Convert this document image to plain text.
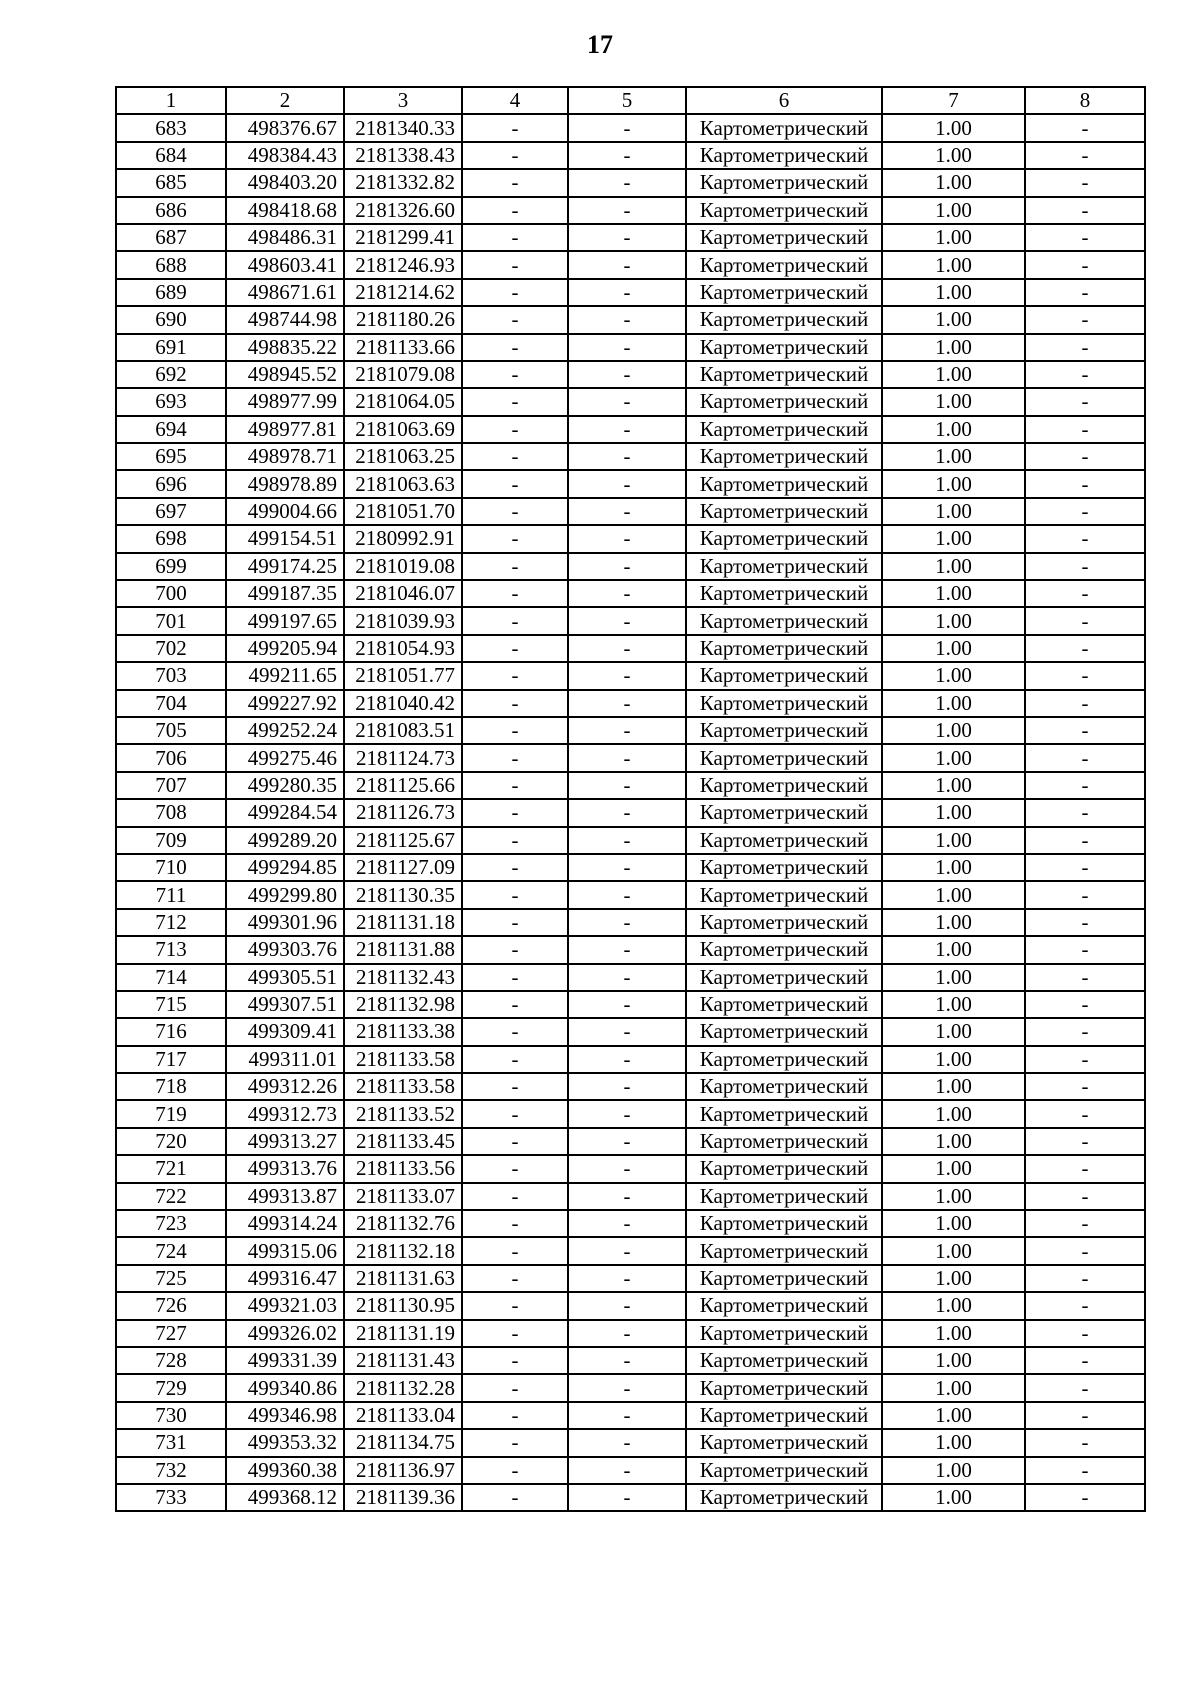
17
1	2	3	4	5	6	7	8
683	498376.67	2181340.33	-	-	Картометрический	1.00	-
684	498384.43	2181338.43	-	-	Картометрический	1.00	-
685	498403.20	2181332.82	-	-	Картометрический	1.00	-
686	498418.68	2181326.60	-	-	Картометрический	1.00	-
687	498486.31	2181299.41	-	-	Картометрический	1.00	-
688	498603.41	2181246.93	-	-	Картометрический	1.00	-
689	498671.61	2181214.62	-	-	Картометрический	1.00	-
690	498744.98	2181180.26	-	-	Картометрический	1.00	-
691	498835.22	2181133.66	-	-	Картометрический	1.00	-
692	498945.52	2181079.08	-	-	Картометрический	1.00	-
693	498977.99	2181064.05	-	-	Картометрический	1.00	-
694	498977.81	2181063.69	-	-	Картометрический	1.00	-
695	498978.71	2181063.25	-	-	Картометрический	1.00	-
696	498978.89	2181063.63	-	-	Картометрический	1.00	-
697	499004.66	2181051.70	-	-	Картометрический	1.00	-
698	499154.51	2180992.91	-	-	Картометрический	1.00	-
699	499174.25	2181019.08	-	-	Картометрический	1.00	-
700	499187.35	2181046.07	-	-	Картометрический	1.00	-
701	499197.65	2181039.93	-	-	Картометрический	1.00	-
702	499205.94	2181054.93	-	-	Картометрический	1.00	-
703	499211.65	2181051.77	-	-	Картометрический	1.00	-
704	499227.92	2181040.42	-	-	Картометрический	1.00	-
705	499252.24	2181083.51	-	-	Картометрический	1.00	-
706	499275.46	2181124.73	-	-	Картометрический	1.00	-
707	499280.35	2181125.66	-	-	Картометрический	1.00	-
708	499284.54	2181126.73	-	-	Картометрический	1.00	-
709	499289.20	2181125.67	-	-	Картометрический	1.00	-
710	499294.85	2181127.09	-	-	Картометрический	1.00	-
711	499299.80	2181130.35	-	-	Картометрический	1.00	-
712	499301.96	2181131.18	-	-	Картометрический	1.00	-
713	499303.76	2181131.88	-	-	Картометрический	1.00	-
714	499305.51	2181132.43	-	-	Картометрический	1.00	-
715	499307.51	2181132.98	-	-	Картометрический	1.00	-
716	499309.41	2181133.38	-	-	Картометрический	1.00	-
717	499311.01	2181133.58	-	-	Картометрический	1.00	-
718	499312.26	2181133.58	-	-	Картометрический	1.00	-
719	499312.73	2181133.52	-	-	Картометрический	1.00	-
720	499313.27	2181133.45	-	-	Картометрический	1.00	-
721	499313.76	2181133.56	-	-	Картометрический	1.00	-
722	499313.87	2181133.07	-	-	Картометрический	1.00	-
723	499314.24	2181132.76	-	-	Картометрический	1.00	-
724	499315.06	2181132.18	-	-	Картометрический	1.00	-
725	499316.47	2181131.63	-	-	Картометрический	1.00	-
726	499321.03	2181130.95	-	-	Картометрический	1.00	-
727	499326.02	2181131.19	-	-	Картометрический	1.00	-
728	499331.39	2181131.43	-	-	Картометрический	1.00	-
729	499340.86	2181132.28	-	-	Картометрический	1.00	-
730	499346.98	2181133.04	-	-	Картометрический	1.00	-
731	499353.32	2181134.75	-	-	Картометрический	1.00	-
732	499360.38	2181136.97	-	-	Картометрический	1.00	-
733	499368.12	2181139.36	-	-	Картометрический	1.00	-
